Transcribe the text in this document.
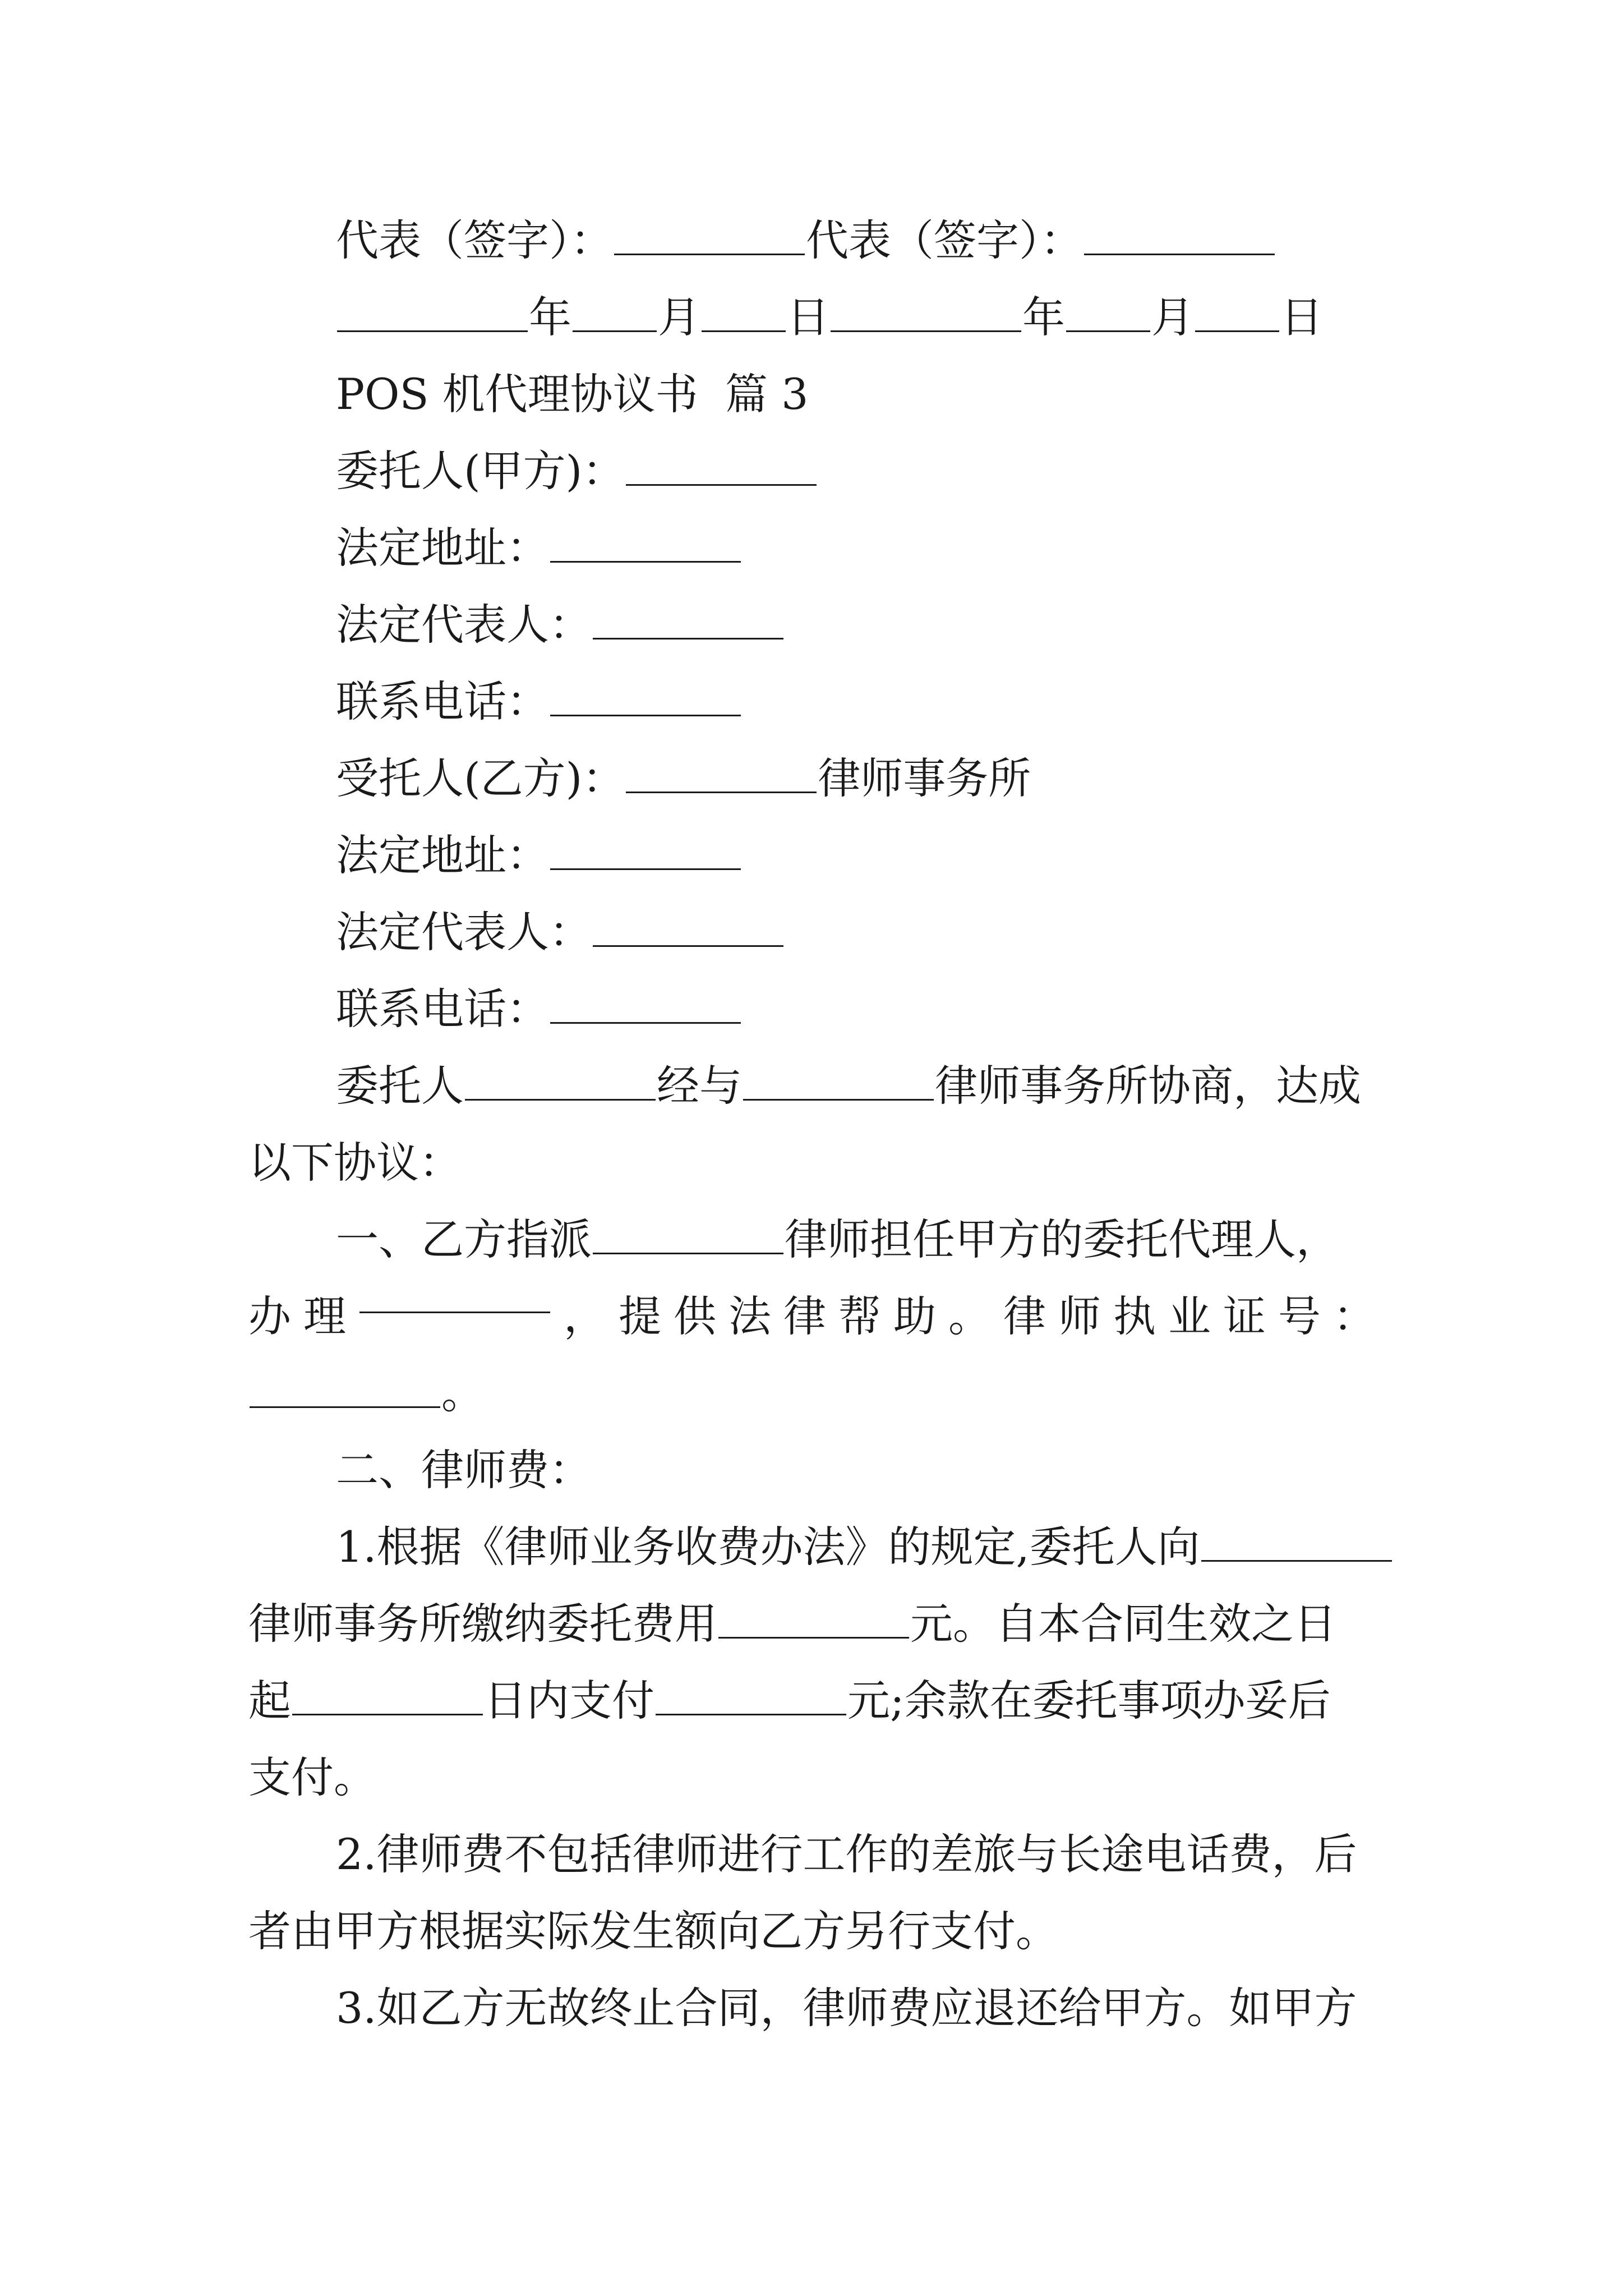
代表（签字）：	代表（签字）：
年 月 日	年 月 日
POS 机代理协议书  篇 3
委托人(甲方)：
法定地址：
法定代表人：
联系电话：
受托人(乙方)：	律师事务所
法定地址：
法定代表人：
联系电话：
委托人	经与	律师事务所协商，达成
以下协议：
一、乙方指派	律师担任甲方的委托代理人，
办 理	， 提 供 法 律 帮 助 。 律 师 执 业 证 号 ：
。
二、律师费：
1.根据《律师业务收费办法》的规定,委托人向
律师事务所缴纳委托费用	元。自本合同生效之日
起	日内支付	元;余款在委托事项办妥后
支付。
2.律师费不包括律师进行工作的差旅与长途电话费，后
者由甲方根据实际发生额向乙方另行支付。
3.如乙方无故终止合同，律师费应退还给甲方。如甲方
